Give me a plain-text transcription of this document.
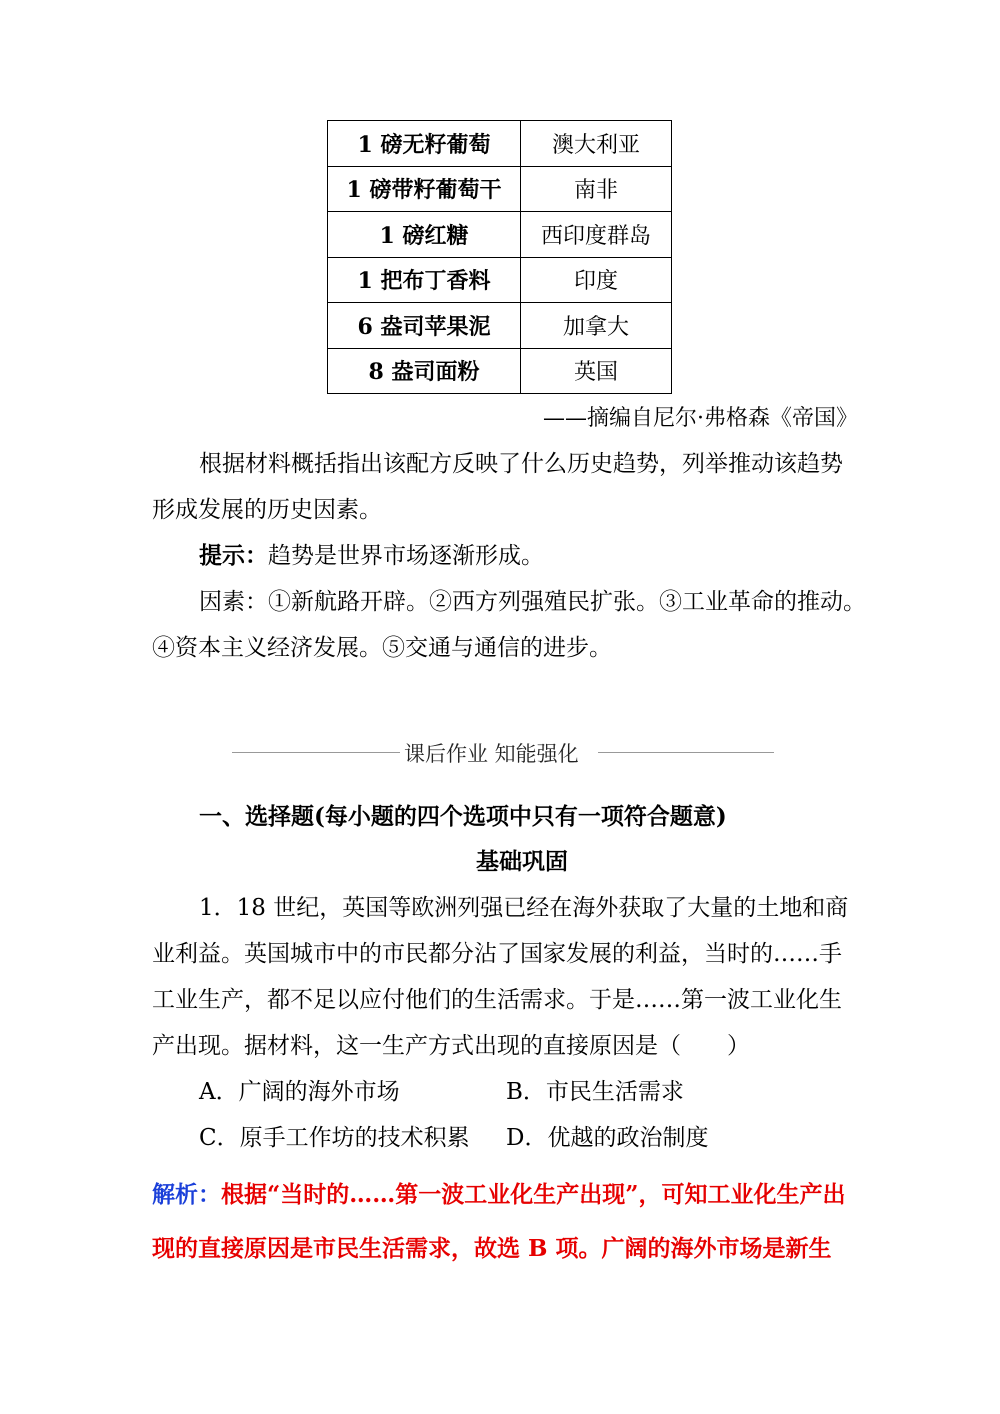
1 磅无籽葡萄	澳大利亚
1 磅带籽葡萄干	南非
1 磅红糖	西印度群岛
1 把布丁香料	印度
6 盎司苹果泥	加拿大
8 盎司面粉	英国
——摘编自尼尔·弗格森《帝国》
根据材料概括指出该配方反映了什么历史趋势，列举推动该趋势
形成发展的历史因素。
提示：趋势是世界市场逐渐形成。
因素：①新航路开辟。②西方列强殖民扩张。③工业革命的推动。
④资本主义经济发展。⑤交通与通信的进步。
课后作业 知能强化
一、选择题(每小题的四个选项中只有一项符合题意)
基础巩固
1．18 世纪，英国等欧洲列强已经在海外获取了大量的土地和商
业利益。英国城市中的市民都分沾了国家发展的利益，当时的……手
工业生产，都不足以应付他们的生活需求。于是……第一波工业化生
产出现。据材料，这一生产方式出现的直接原因是（　　）
A．广阔的海外市场	B．市民生活需求
C．原手工作坊的技术积累 D．优越的政治制度
解析：根据“当时的……第一波工业化生产出现”，可知工业化生产出
现的直接原因是市民生活需求，故选 B 项。广阔的海外市场是新生
